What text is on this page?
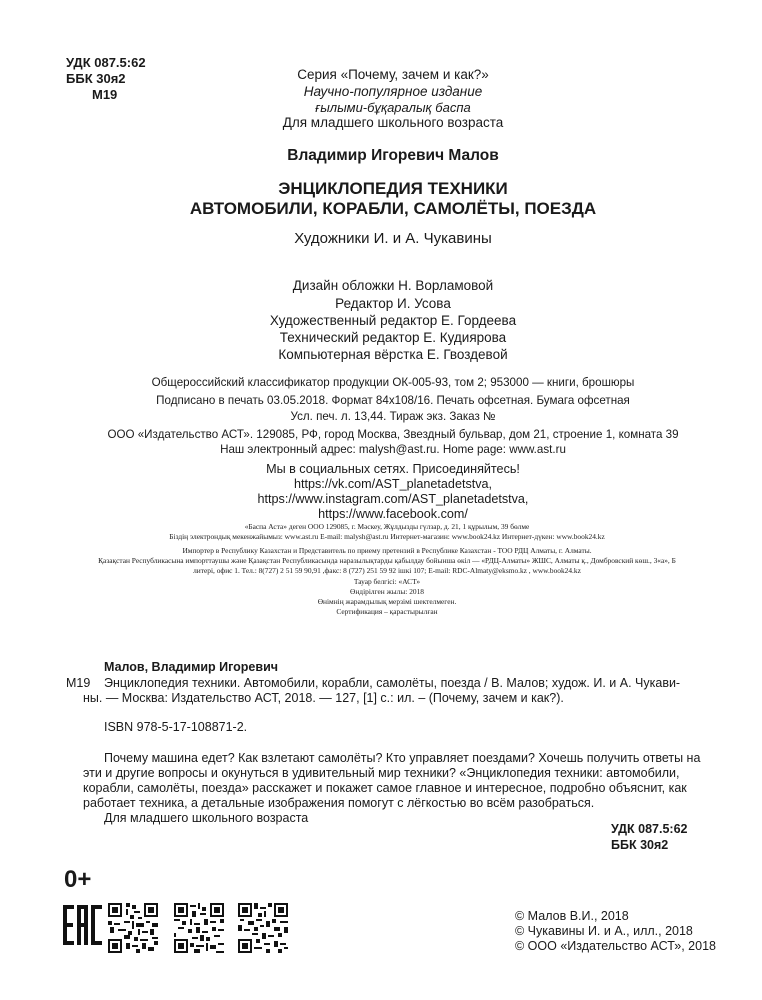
УДК 087.5:62
ББК 30я2
М19
Серия «Почему, зачем и как?»
Научно-популярное издание
ғылыми-бұқаралық баспа
Для младшего школьного возраста
Владимир Игоревич Малов
ЭНЦИКЛОПЕДИЯ ТЕХНИКИ
АВТОМОБИЛИ, КОРАБЛИ, САМОЛЁТЫ, ПОЕЗДА
Художники И. и А. Чукавины
Дизайн обложки Н. Ворламовой
Редактор И. Усова
Художественный редактор Е. Гордеева
Технический редактор Е. Кудиярова
Компьютерная вёрстка Е. Гвоздевой
Общероссийский классификатор продукции ОК-005-93, том 2; 953000 — книги, брошюры
Подписано в печать 03.05.2018. Формат 84x108/16. Печать офсетная. Бумага офсетная
Усл. печ. л. 13,44. Тираж экз. Заказ №
ООО «Издательство АСТ». 129085, РФ, город Москва, Звездный бульвар, дом 21, строение 1, комната 39
Наш электронный адрес: malysh@ast.ru. Home page: www.ast.ru
Мы в социальных сетях. Присоединяйтесь!
https://vk.com/AST_planetadetstva,
https://www.instagram.com/AST_planetadetstva,
https://www.facebook.com/
«Баспа Аста» деген ООО 129085, г. Мәскеу, Жұлдызды гүлзар, д. 21, 1 құрылым, 39 бөлме
Біздің электрондық мекенжайымыз: www.ast.ru E-mail: malysh@ast.ru Интернет-магазин: www.book24.kz Интернет-дүкен: www.book24.kz
Импортер в Республику Казахстан и Представитель по приему претензий в Республике Казахстан - ТОО РДЦ Алматы, г. Алматы.
Қазақстан Республикасына импорттаушы және Қазақстан Республикасында наразылықтарды қабылдау бойынша өкіл — «РДЦ-Алматы» ЖШС, Алматы қ., Домбровский көш., 3«а», Б
литері, офис 1. Тел.: 8(727) 2 51 59 90,91 ,факс: 8 (727) 251 59 92 ішкі 107; E-mail: RDC-Almaty@eksmo.kz , www.book24.kz
Тауар белгісі: «АСТ»
Өндірілген жылы: 2018
Өнімнің жарамдылық мерзімі шектелмеген.
Сертификация – қарастырылған
Малов, Владимир Игоревич
М19 Энциклопедия техники. Автомобили, корабли, самолёты, поезда / В. Малов; худож. И. и А. Чукави-
ны. — Москва: Издательство АСТ, 2018. — 127, [1] с.: ил. – (Почему, зачем и как?).
ISBN 978-5-17-108871-2.
Почему машина едет? Как взлетают самолёты? Кто управляет поездами? Хочешь получить ответы на
эти и другие вопросы и окунуться в удивительный мир техники? «Энциклопедия техники: автомобили,
корабли, самолёты, поезда» расскажет и покажет самое главное и интересное, подробно объяснит, как
работает техника, а детальные изображения помогут с лёгкостью во всём разобраться.
Для младшего школьного возраста
УДК 087.5:62
ББК 30я2
0+
© Малов В.И., 2018
© Чукавины И. и А., илл., 2018
© ООО «Издательство АСТ», 2018
